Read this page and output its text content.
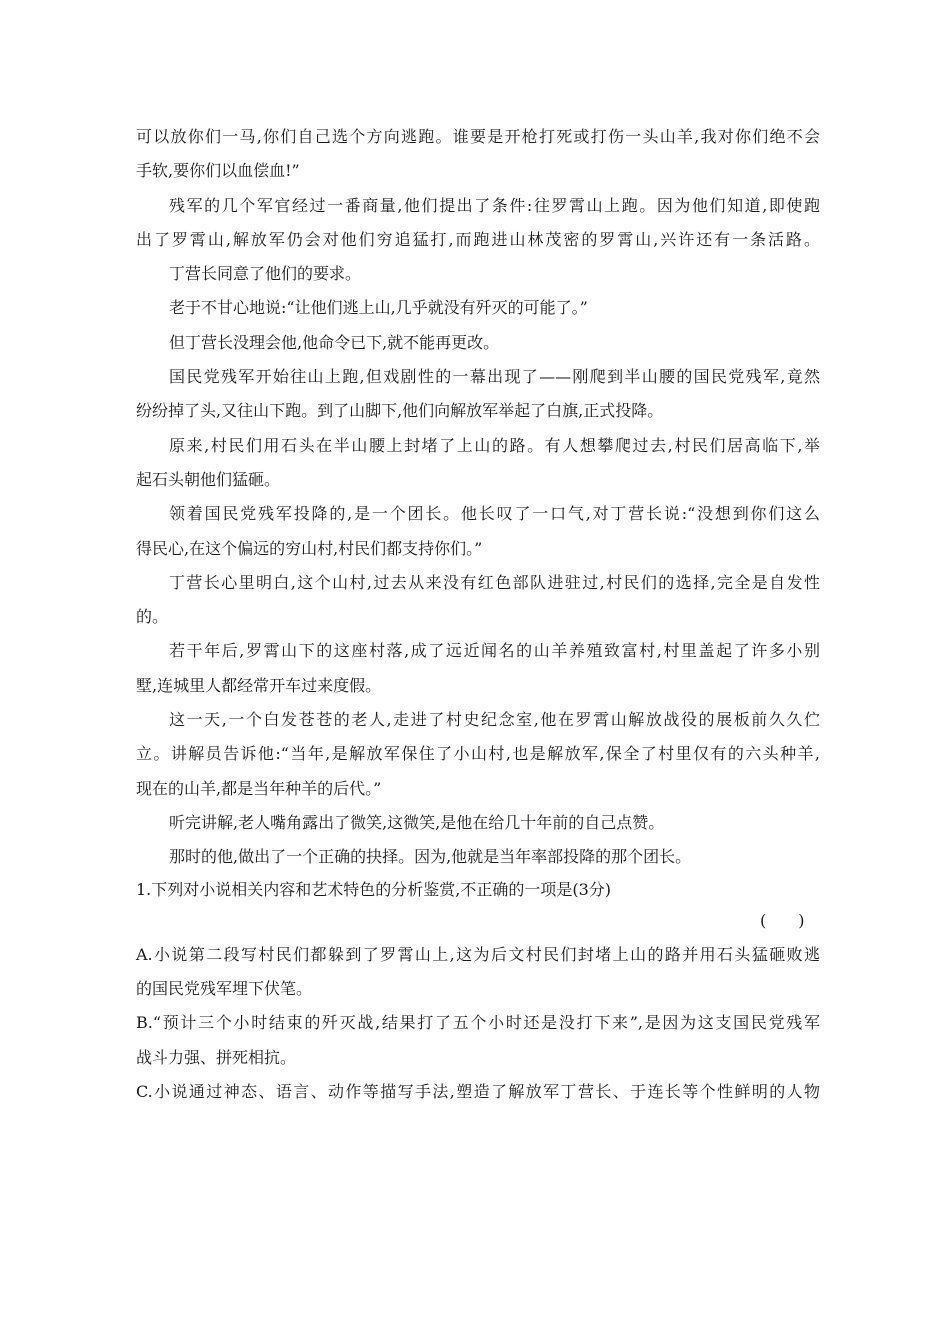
可以放你们一马,你们自己选个方向逃跑。谁要是开枪打死或打伤一头山羊,我对你们绝不会
手软,要你们以血偿血!”
残军的几个军官经过一番商量,他们提出了条件:往罗霄山上跑。因为他们知道,即使跑
出了罗霄山,解放军仍会对他们穷追猛打,而跑进山林茂密的罗霄山,兴许还有一条活路。
丁营长同意了他们的要求。
老于不甘心地说:“让他们逃上山,几乎就没有歼灭的可能了。”
但丁营长没理会他,他命令已下,就不能再更改。
国民党残军开始往山上跑,但戏剧性的一幕出现了——刚爬到半山腰的国民党残军,竟然
纷纷掉了头,又往山下跑。到了山脚下,他们向解放军举起了白旗,正式投降。
原来,村民们用石头在半山腰上封堵了上山的路。有人想攀爬过去,村民们居高临下,举
起石头朝他们猛砸。
领着国民党残军投降的,是一个团长。他长叹了一口气,对丁营长说:“没想到你们这么
得民心,在这个偏远的穷山村,村民们都支持你们。”
丁营长心里明白,这个山村,过去从来没有红色部队进驻过,村民们的选择,完全是自发性
的。
若干年后,罗霄山下的这座村落,成了远近闻名的山羊养殖致富村,村里盖起了许多小别
墅,连城里人都经常开车过来度假。
这一天,一个白发苍苍的老人,走进了村史纪念室,他在罗霄山解放战役的展板前久久伫
立。讲解员告诉他:“当年,是解放军保住了小山村,也是解放军,保全了村里仅有的六头种羊,
现在的山羊,都是当年种羊的后代。”
听完讲解,老人嘴角露出了微笑,这微笑,是他在给几十年前的自己点赞。
那时的他,做出了一个正确的抉择。因为,他就是当年率部投降的那个团长。
1.下列对小说相关内容和艺术特色的分析鉴赏,不正确的一项是(3分)
(　　)
A.小说第二段写村民们都躲到了罗霄山上,这为后文村民们封堵上山的路并用石头猛砸败逃
的国民党残军埋下伏笔。
B.“预计三个小时结束的歼灭战,结果打了五个小时还是没打下来”,是因为这支国民党残军
战斗力强、拼死相抗。
C.小说通过神态、语言、动作等描写手法,塑造了解放军丁营长、于连长等个性鲜明的人物
